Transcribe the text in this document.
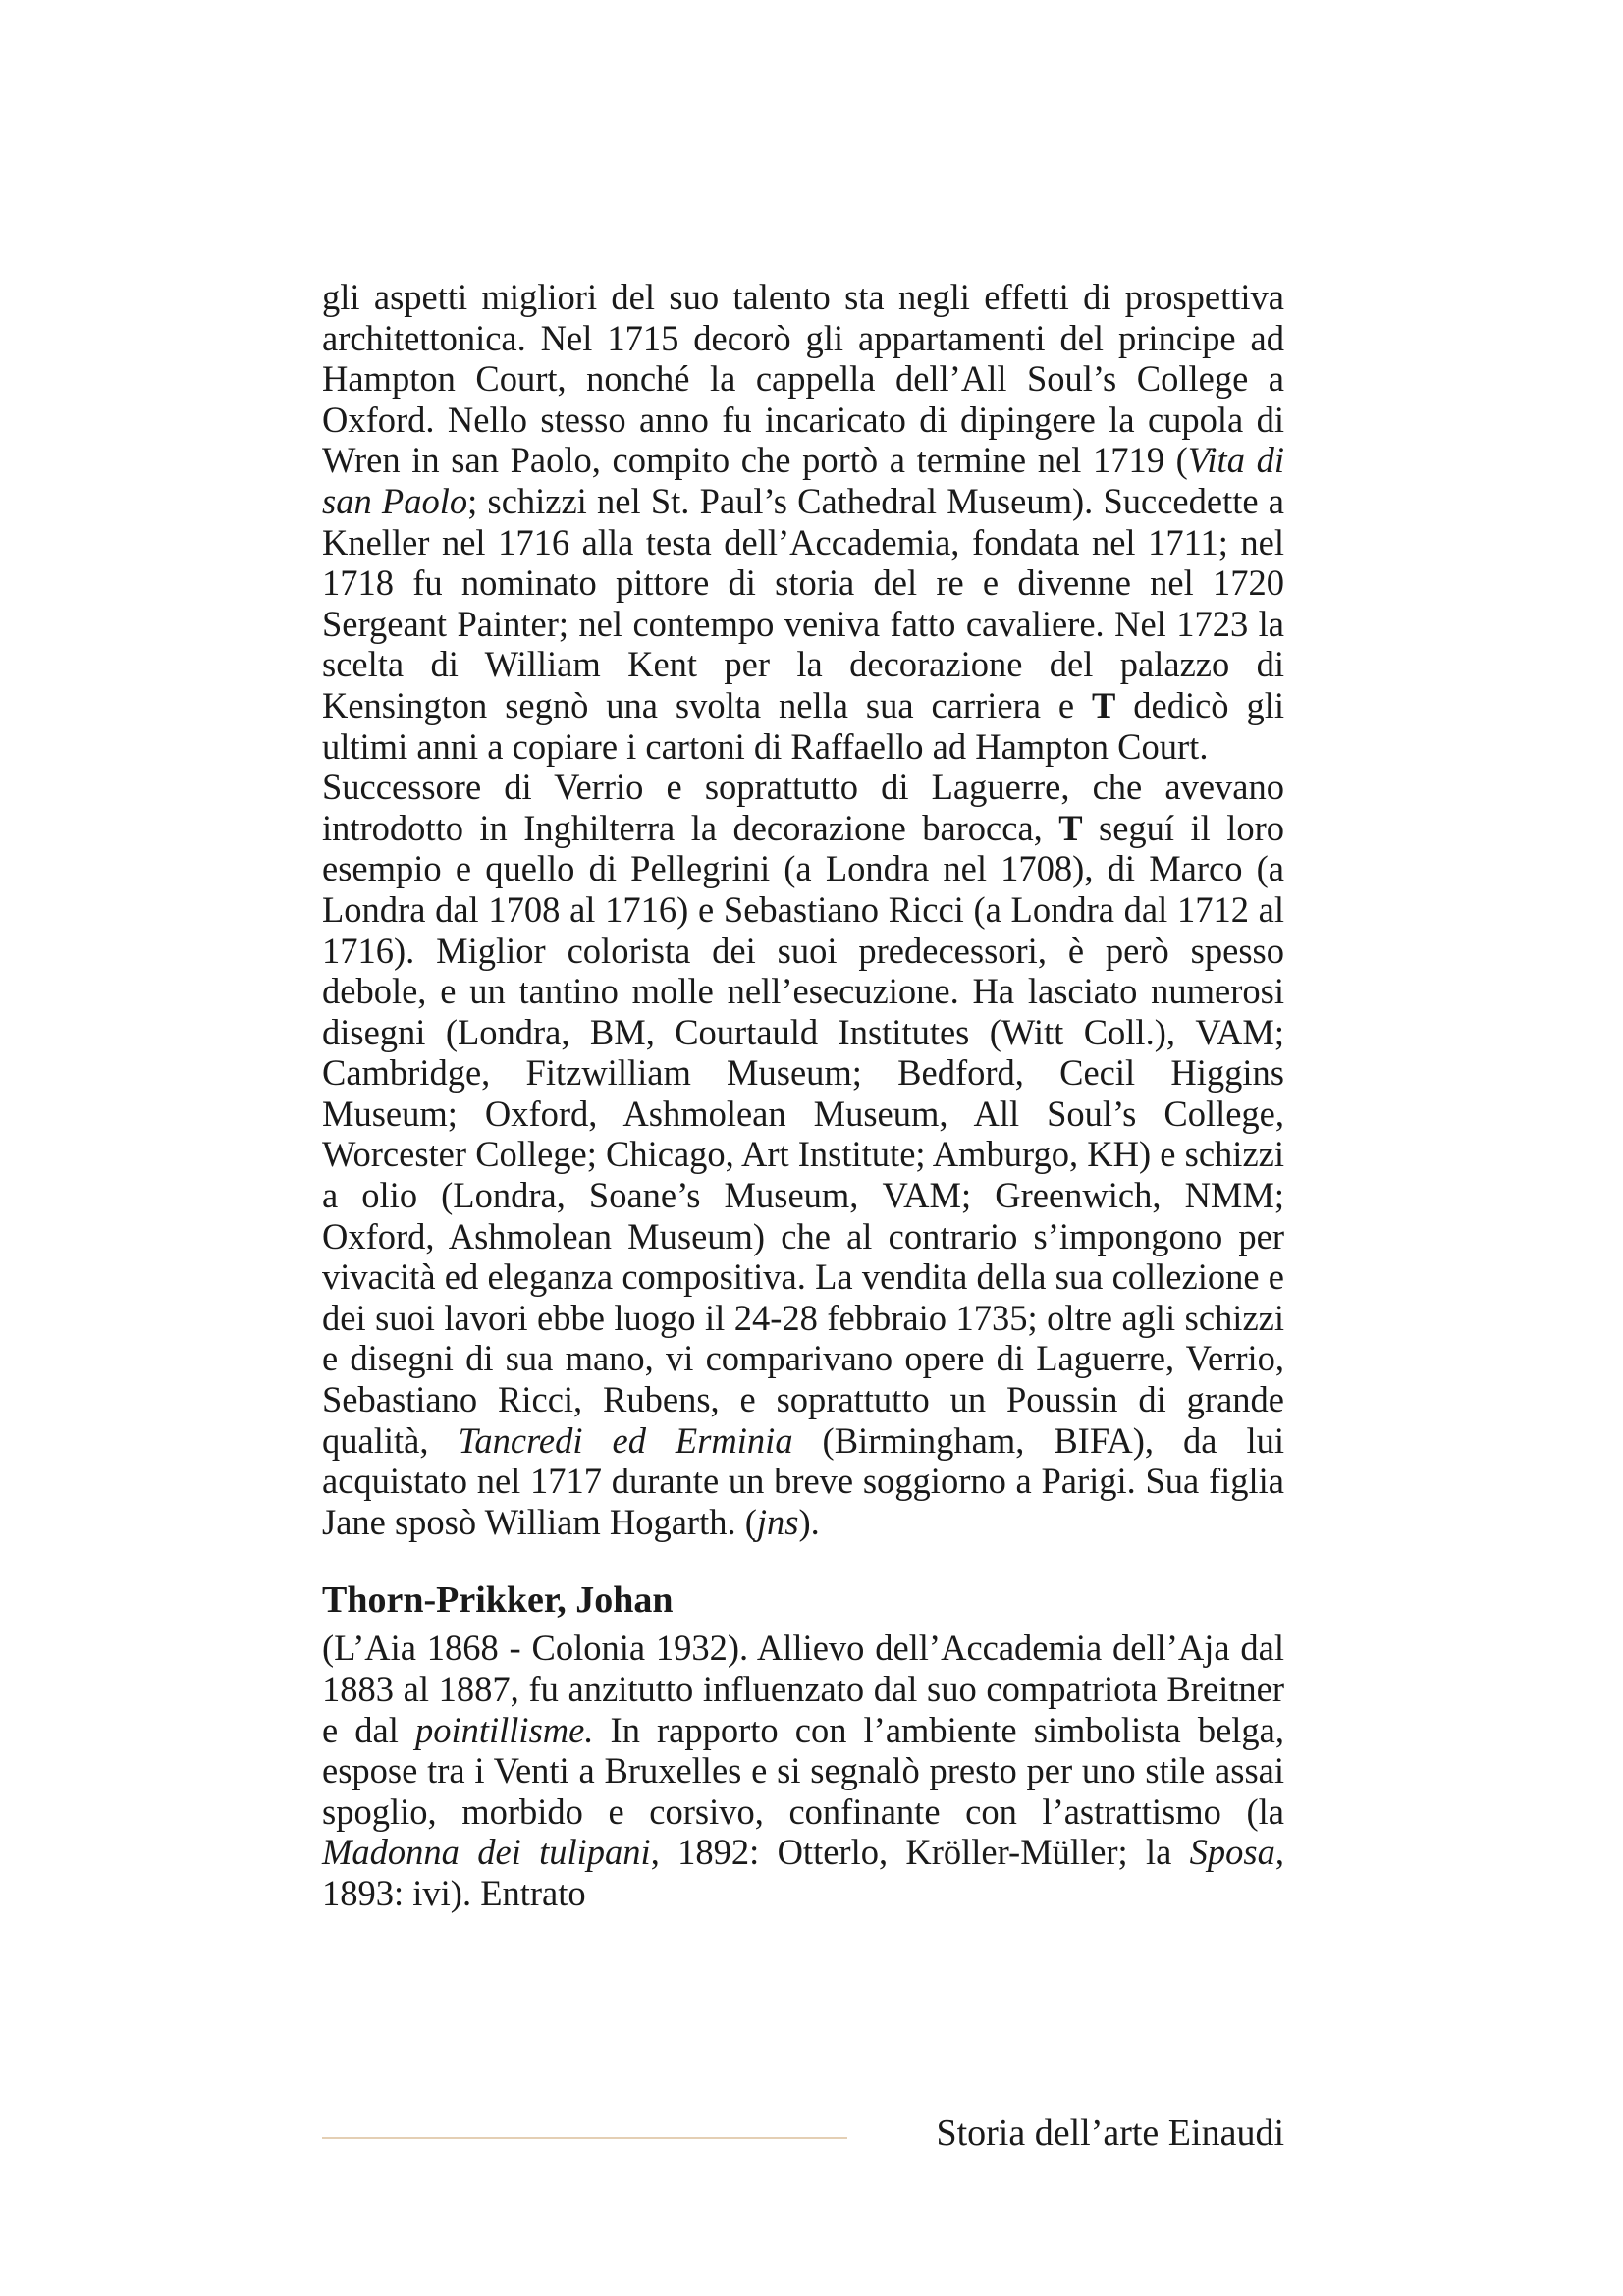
gli aspetti migliori del suo talento sta negli effetti di prospettiva architettonica. Nel 1715 decorò gli appartamenti del principe ad Hampton Court, nonché la cappella dell’All Soul’s College a Oxford. Nello stesso anno fu incaricato di dipingere la cupola di Wren in san Paolo, compito che portò a termine nel 1719 (Vita di san Paolo; schizzi nel St. Paul’s Cathedral Museum). Succedette a Kneller nel 1716 alla testa dell’Accademia, fondata nel 1711; nel 1718 fu nominato pittore di storia del re e divenne nel 1720 Sergeant Painter; nel contempo veniva fatto cavaliere. Nel 1723 la scelta di William Kent per la decorazione del palazzo di Kensington segnò una svolta nella sua carriera e T dedicò gli ultimi anni a copiare i cartoni di Raffaello ad Hampton Court.

Successore di Verrio e soprattutto di Laguerre, che avevano introdotto in Inghilterra la decorazione barocca, T seguí il loro esempio e quello di Pellegrini (a Londra nel 1708), di Marco (a Londra dal 1708 al 1716) e Sebastiano Ricci (a Londra dal 1712 al 1716). Miglior colorista dei suoi predecessori, è però spesso debole, e un tantino molle nell’esecuzione. Ha lasciato numerosi disegni (Londra, BM, Courtauld Institutes (Witt Coll.), VAM; Cambridge, Fitzwilliam Museum; Bedford, Cecil Higgins Museum; Oxford, Ashmolean Museum, All Soul’s College, Worcester College; Chicago, Art Institute; Amburgo, KH) e schizzi a olio (Londra, Soane’s Museum, VAM; Greenwich, NMM; Oxford, Ashmolean Museum) che al contrario s’impongono per vivacità ed eleganza compositiva. La vendita della sua collezione e dei suoi lavori ebbe luogo il 24-28 febbraio 1735; oltre agli schizzi e disegni di sua mano, vi comparivano opere di Laguerre, Verrio, Sebastiano Ricci, Rubens, e soprattutto un Poussin di grande qualità, Tancredi ed Erminia (Birmingham, BIFA), da lui acquistato nel 1717 durante un breve soggiorno a Parigi. Sua figlia Jane sposò William Hogarth. (jns).

Thorn-Prikker, Johan

(L’Aia 1868 - Colonia 1932). Allievo dell’Accademia dell’Aja dal 1883 al 1887, fu anzitutto influenzato dal suo compatriota Breitner e dal pointillisme. In rapporto con l’ambiente simbolista belga, espose tra i Venti a Bruxelles e si segnalò presto per uno stile assai spoglio, morbido e corsivo, confinante con l’astrattismo (la Madonna dei tulipani, 1892: Otterlo, Kröller-Müller; la Sposa, 1893: ivi). Entrato

Storia dell’arte Einaudi
